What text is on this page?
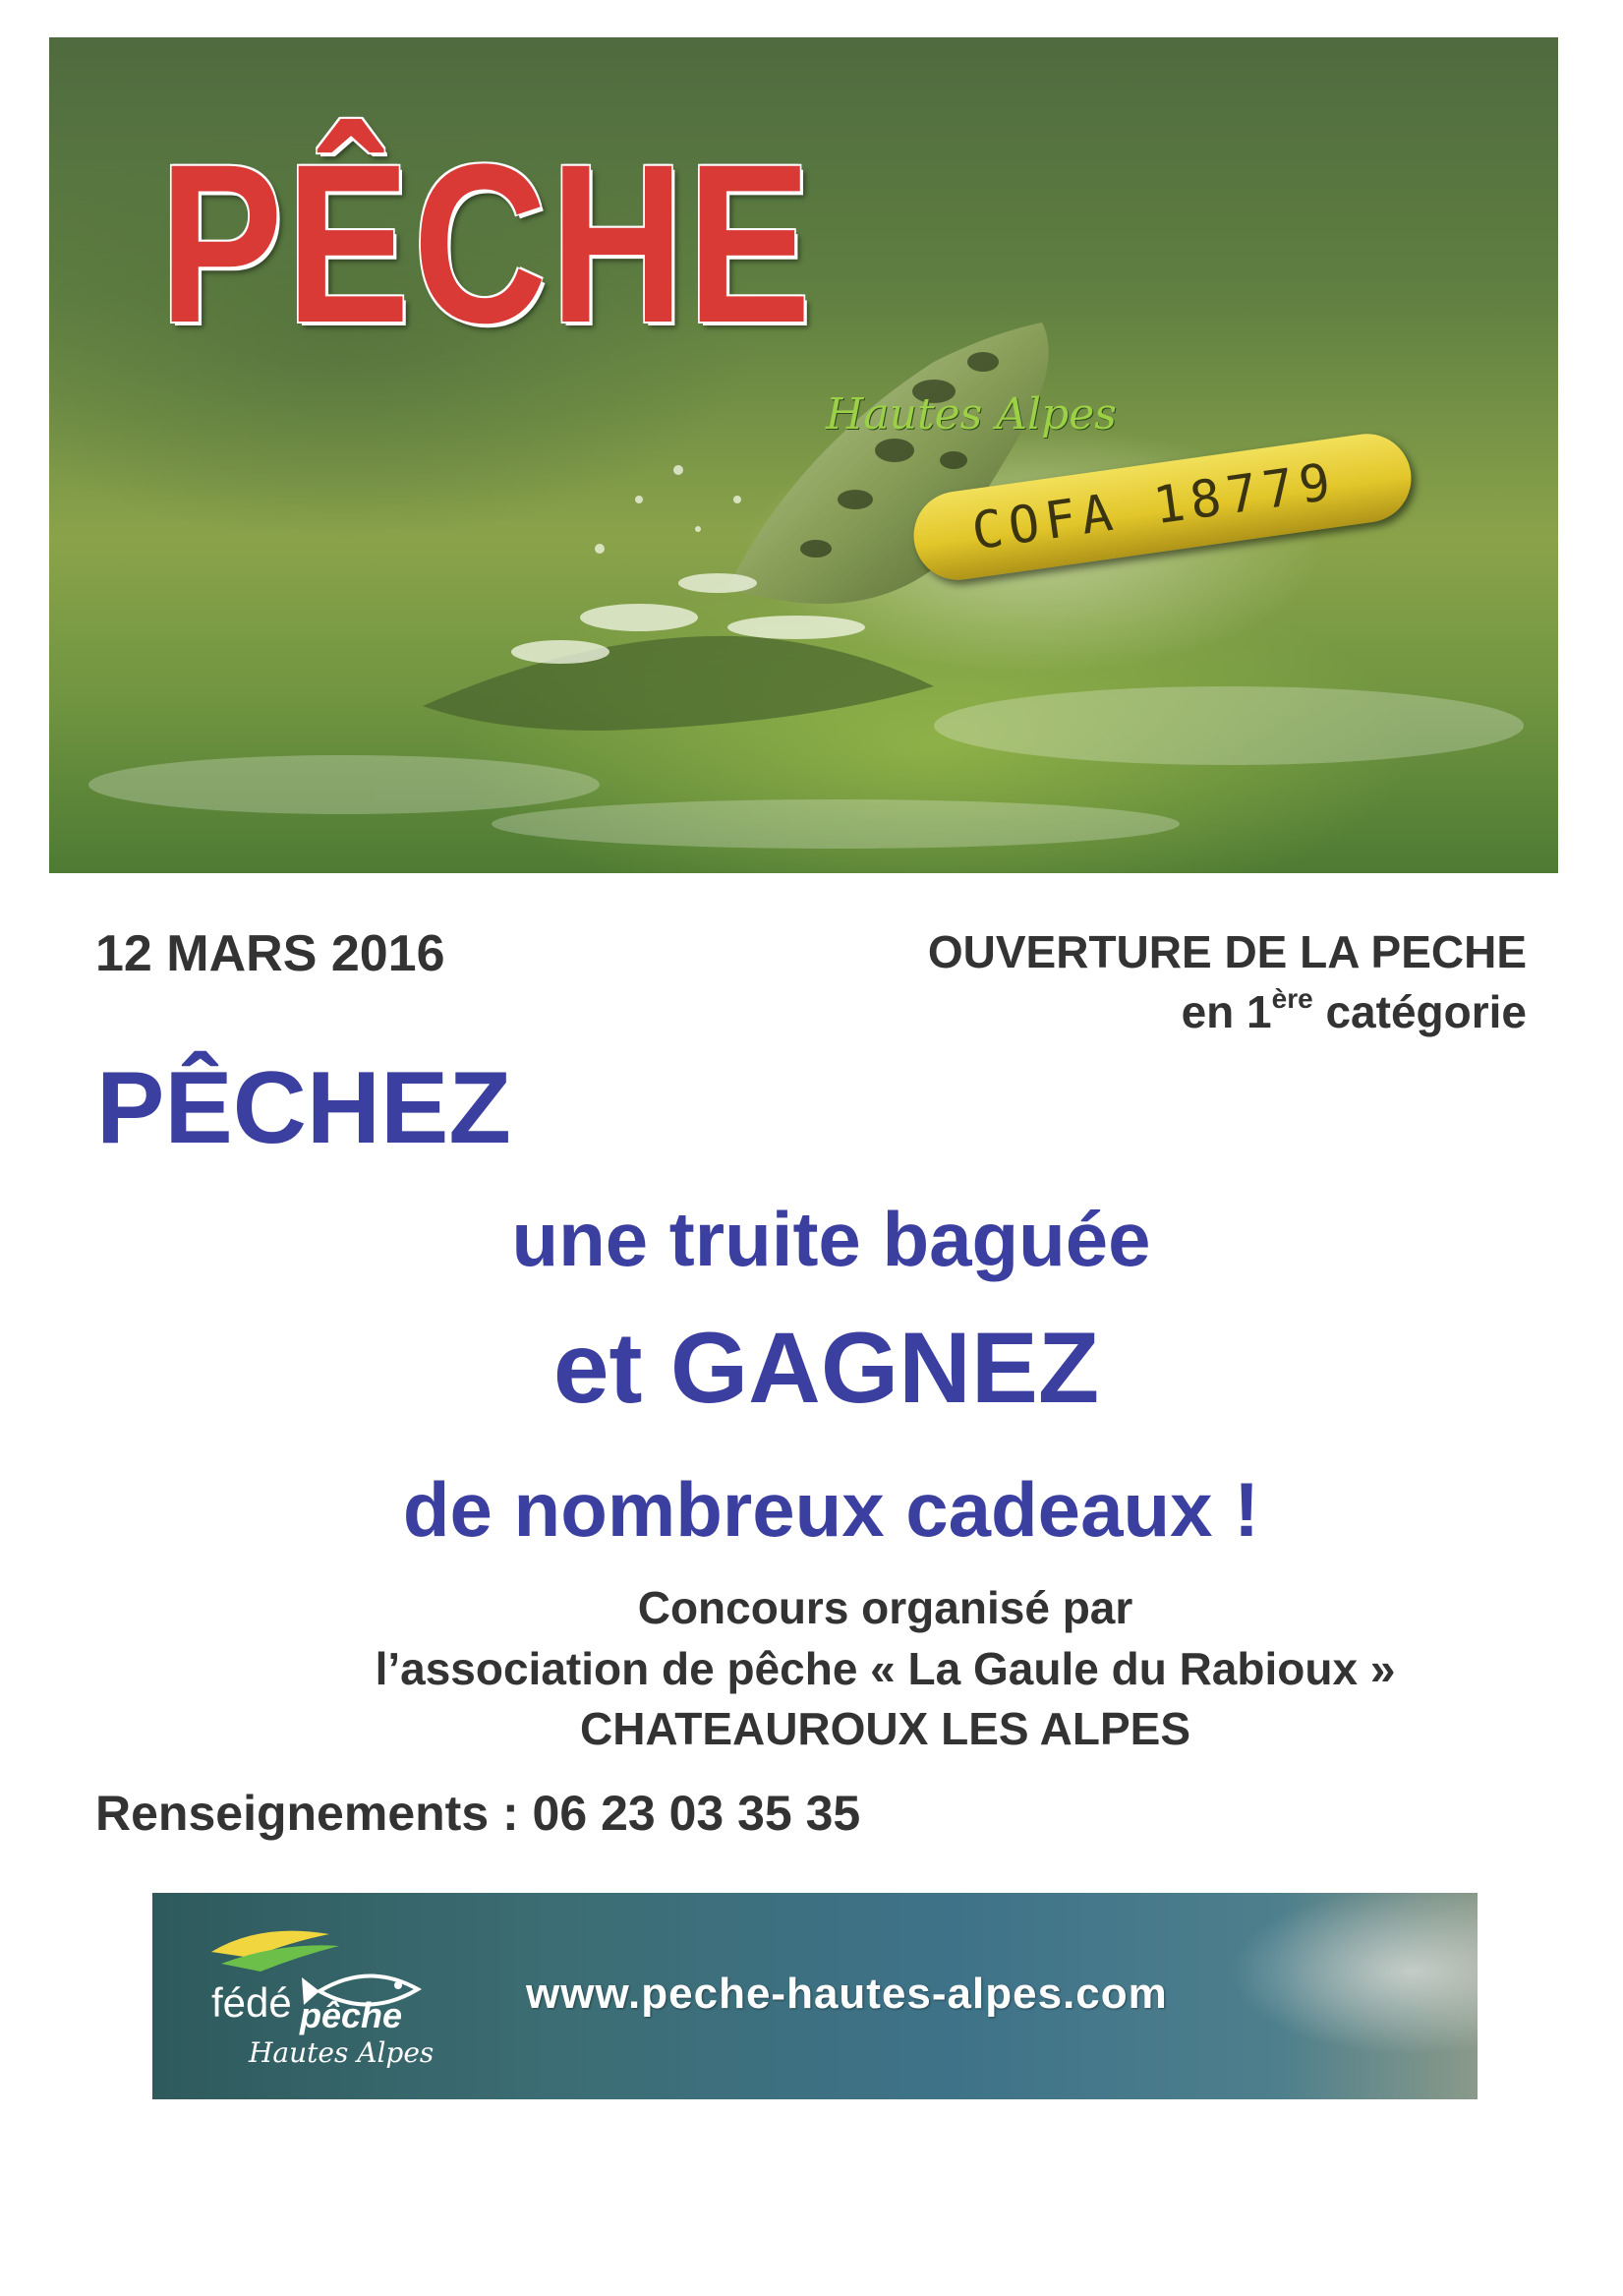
PÊCHE
Hautes Alpes
COFA 18779
12 MARS 2016	OUVERTURE DE LA PECHE
en 1ère catégorie
PÊCHEZ
une truite baguée
et GAGNEZ
de nombreux cadeaux !
Concours organisé par
l’association de pêche « La Gaule du Rabioux »
CHATEAUROUX LES ALPES
Renseignements : 06 23 03 35 35
fédé pêche
Hautes Alpes
www.peche-hautes-alpes.com
